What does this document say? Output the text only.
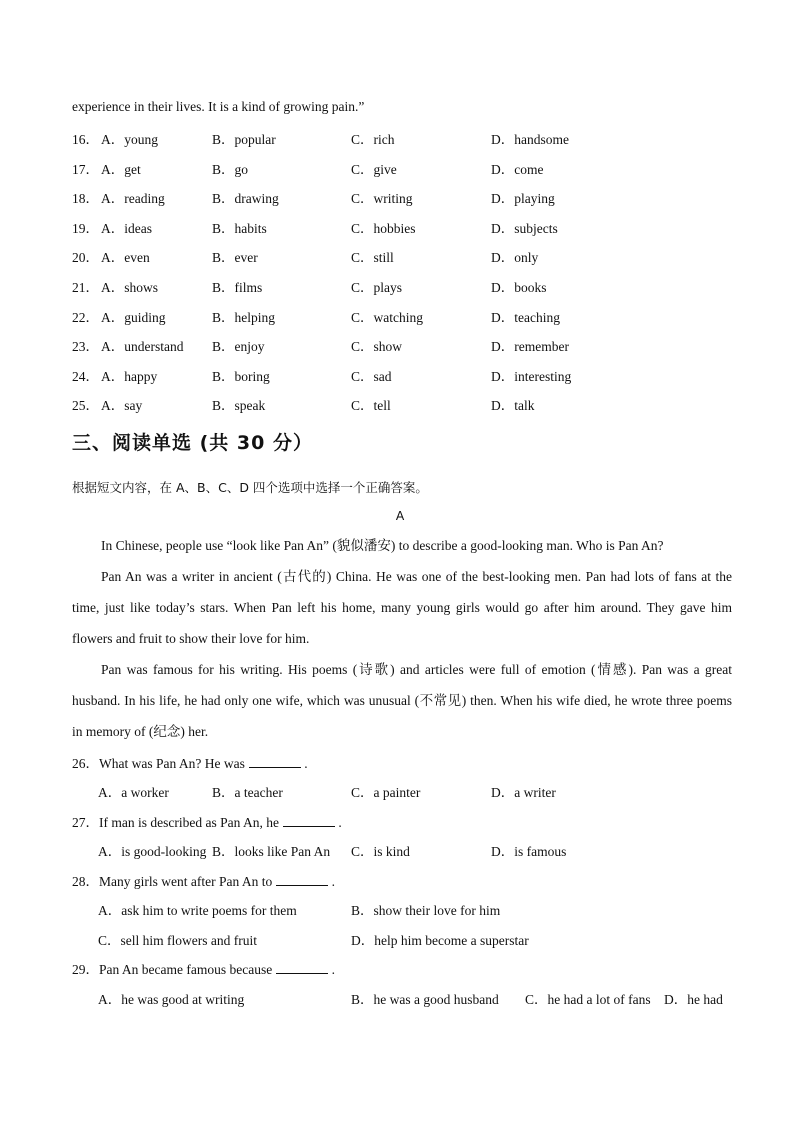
experience in their lives. It is a kind of growing pain.”
16． A．young	B．popular	C．rich	D．handsome
17． A．get	B．go	C．give	D．come
18． A．reading	B．drawing	C．writing	D．playing
19． A．ideas	B．habits	C．hobbies	D．subjects
20． A．even	B．ever	C．still	D．only
21． A．shows	B．films	C．plays	D．books
22． A．guiding	B．helping	C．watching	D．teaching
23． A．understand B．enjoy	C．show	D．remember
24． A．happy	B．boring	C．sad	D．interesting
25． A．say	B．speak	C．tell	D．talk
三、阅读单选 (共 30 分）
根据短文内容，在 A、B、C、D 四个选项中选择一个正确答案。
A

In Chinese, people use “look like Pan An” (貌似潘安) to describe a good-looking man. Who is Pan An?

Pan An was a writer in ancient (古代的) China. He was one of the best-looking men. Pan had lots of fans at the time, just like today’s stars. When Pan left his home, many young girls would go after him around. They gave him flowers and fruit to show their love for him.

Pan was famous for his writing. His poems (诗歌) and articles were full of emotion (情感). Pan was a great husband. In his life, he had only one wife, which was unusual (不常见) then. When his wife died, he wrote three poems in memory of (纪念) her.

26．What was Pan An? He was	.
A．a worker	B．a teacher	C．a painter	D．a writer
27．If man is described as Pan An, he	.
A．is good-looking B．looks like Pan An C．is kind	D．is famous
28．Many girls went after Pan An to	.
A．ask him to write poems for them	B．show their love for him
C．sell him flowers and fruit	D．help him become a superstar
29．Pan An became famous because	.
A．he was good at writing	B．he was a good husband C．he had a lot of fans D．he had
